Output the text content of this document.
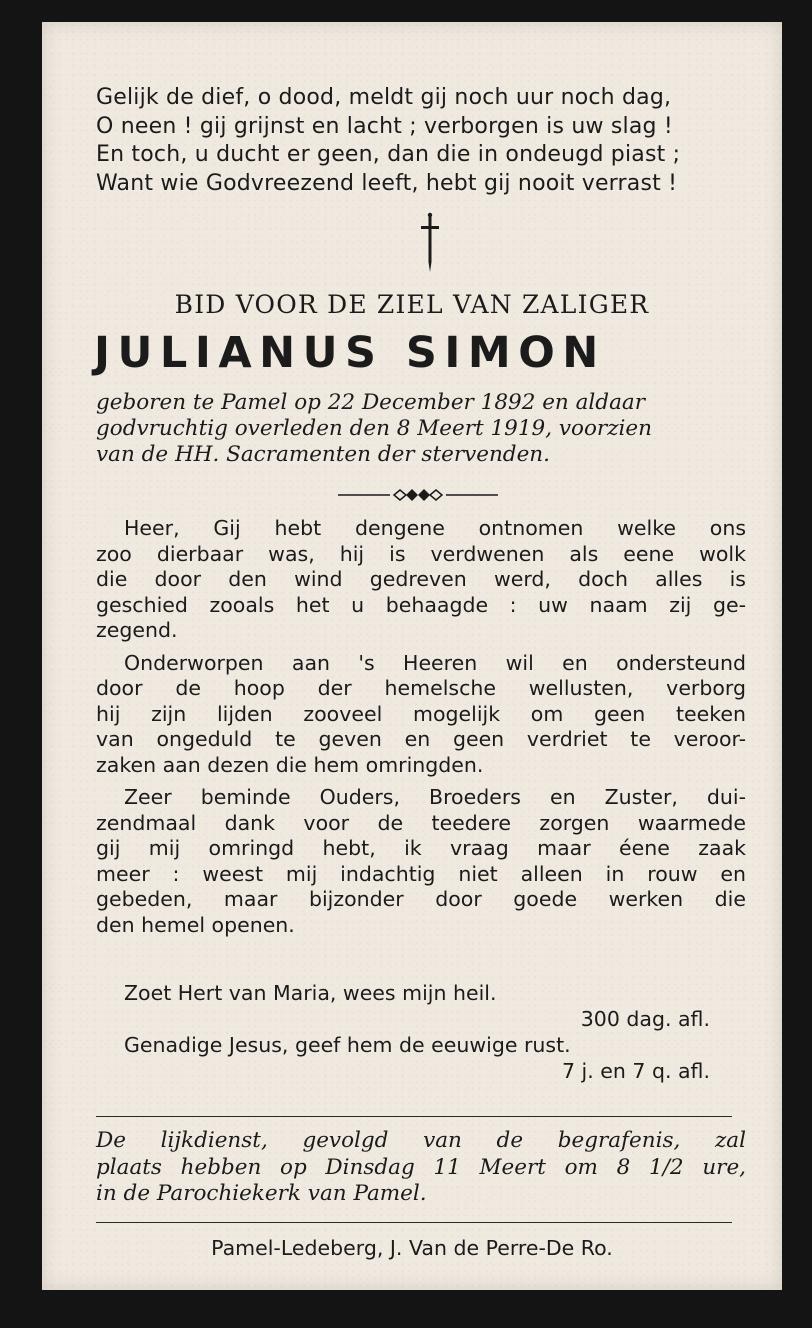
Gelijk de dief, o dood, meldt gij noch uur noch dag,
O neen ! gij grijnst en lacht ; verborgen is uw slag !
En toch, u ducht er geen, dan die in ondeugd piast ;
Want wie Godvreezend leeft, hebt gij nooit verrast !
BID VOOR DE ZIEL VAN ZALIGER
JULIANUS SIMON
geboren te Pamel op 22 December 1892 en aldaar
godvruchtig overleden den 8 Meert 1919, voorzien
van de HH. Sacramenten der stervenden.
Heer, Gij hebt dengene ontnomen welke ons
zoo dierbaar was, hij is verdwenen als eene wolk
die door den wind gedreven werd, doch alles is
geschied zooals het u behaagde : uw naam zij ge-
zegend.
Onderworpen aan 's Heeren wil en ondersteund
door de hoop der hemelsche wellusten, verborg
hij zijn lijden zooveel mogelijk om geen teeken
van ongeduld te geven en geen verdriet te veroor-
zaken aan dezen die hem omringden.
Zeer beminde Ouders, Broeders en Zuster, dui-
zendmaal dank voor de teedere zorgen waarmede
gij mij omringd hebt, ik vraag maar éene zaak
meer : weest mij indachtig niet alleen in rouw en
gebeden, maar bijzonder door goede werken die
den hemel openen.
Zoet Hert van Maria, wees mijn heil.
300 dag. afl.
Genadige Jesus, geef hem de eeuwige rust.
7 j. en 7 q. afl.
De lijkdienst, gevolgd van de begrafenis, zal
plaats hebben op Dinsdag 11 Meert om 8 1/2 ure,
in de Parochiekerk van Pamel.
Pamel-Ledeberg, J. Van de Perre-De Ro.
